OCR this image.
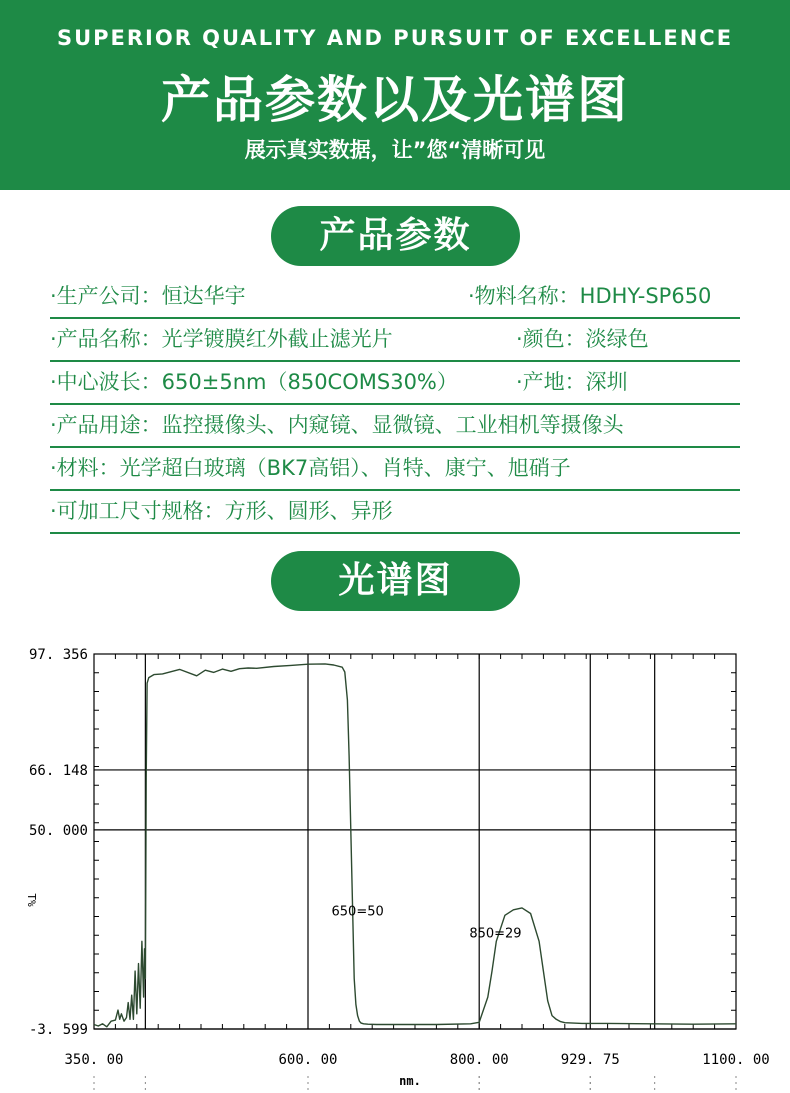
SUPERIOR QUALITY AND PURSUIT OF EXCELLENCE
产品参数以及光谱图
展示真实数据，让”您“清晰可见
产品参数
·生产公司：恒达华宇	·物料名称：HDHY-SP650
·产品名称：光学镀膜红外截止滤光片	·颜色：淡绿色
·中心波长：650±5nm（850COMS30%）	·产地：深圳
·产品用途：监控摄像头、内窥镜、显微镜、工业相机等摄像头
·材料：光学超白玻璃（BK7高铝）、肖特、康宁、旭硝子
·可加工尺寸规格：方形、圆形、异形
光谱图
-3. 599
50. 000
66. 148
97. 356
350. 00	600. 00	800. 00	929. 75	1100. 00
nm.
T%
650=50
850=29
